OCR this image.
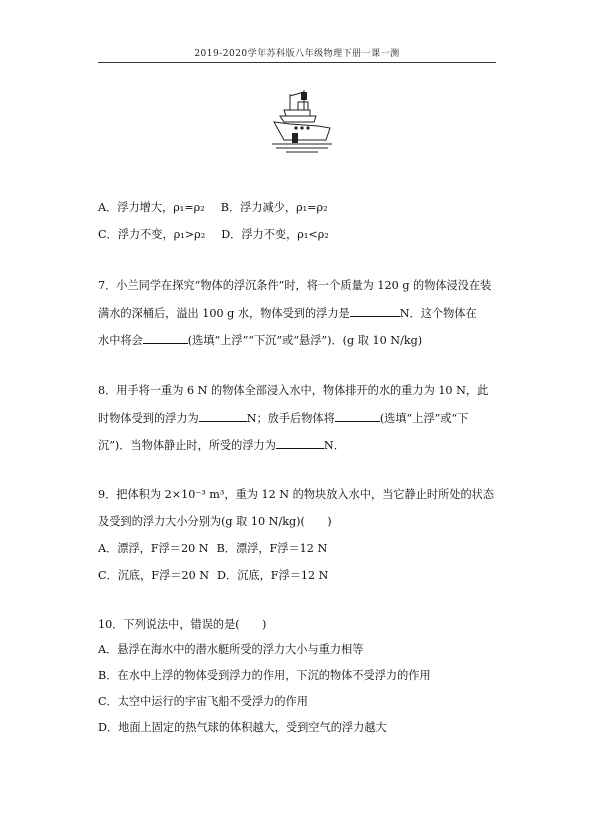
2019-2020学年苏科版八年级物理下册一课一测
A．浮力增大，ρ₁=ρ₂ B．浮力减少，ρ₁=ρ₂
C．浮力不变，ρ₁>ρ₂ D．浮力不变，ρ₁<ρ₂
7．小兰同学在探究“物体的浮沉条件”时，将一个质量为 120 g 的物体浸没在装
满水的深桶后，溢出 100 g 水，物体受到的浮力是	N．这个物体在
水中将会	(选填“上浮”“下沉”或“悬浮”)．(g 取 10 N/kg)
8．用手将一重为 6 N 的物体全部浸入水中，物体排开的水的重力为 10 N，此
时物体受到的浮力为	N；放手后物体将	(选填“上浮”或“下
沉”)．当物体静止时，所受的浮力为	N．
9．把体积为 2×10⁻³ m³，重为 12 N 的物块放入水中，当它静止时所处的状态
及受到的浮力大小分别为(g 取 10 N/kg)(　　)
A．漂浮，F浮＝20 N B．漂浮，F浮＝12 N
C．沉底，F浮＝20 N D．沉底，F浮＝12 N
10．下列说法中，错误的是(　　)
A．悬浮在海水中的潜水艇所受的浮力大小与重力相等
B．在水中上浮的物体受到浮力的作用，下沉的物体不受浮力的作用
C．太空中运行的宇宙飞船不受浮力的作用
D．地面上固定的热气球的体积越大，受到空气的浮力越大
